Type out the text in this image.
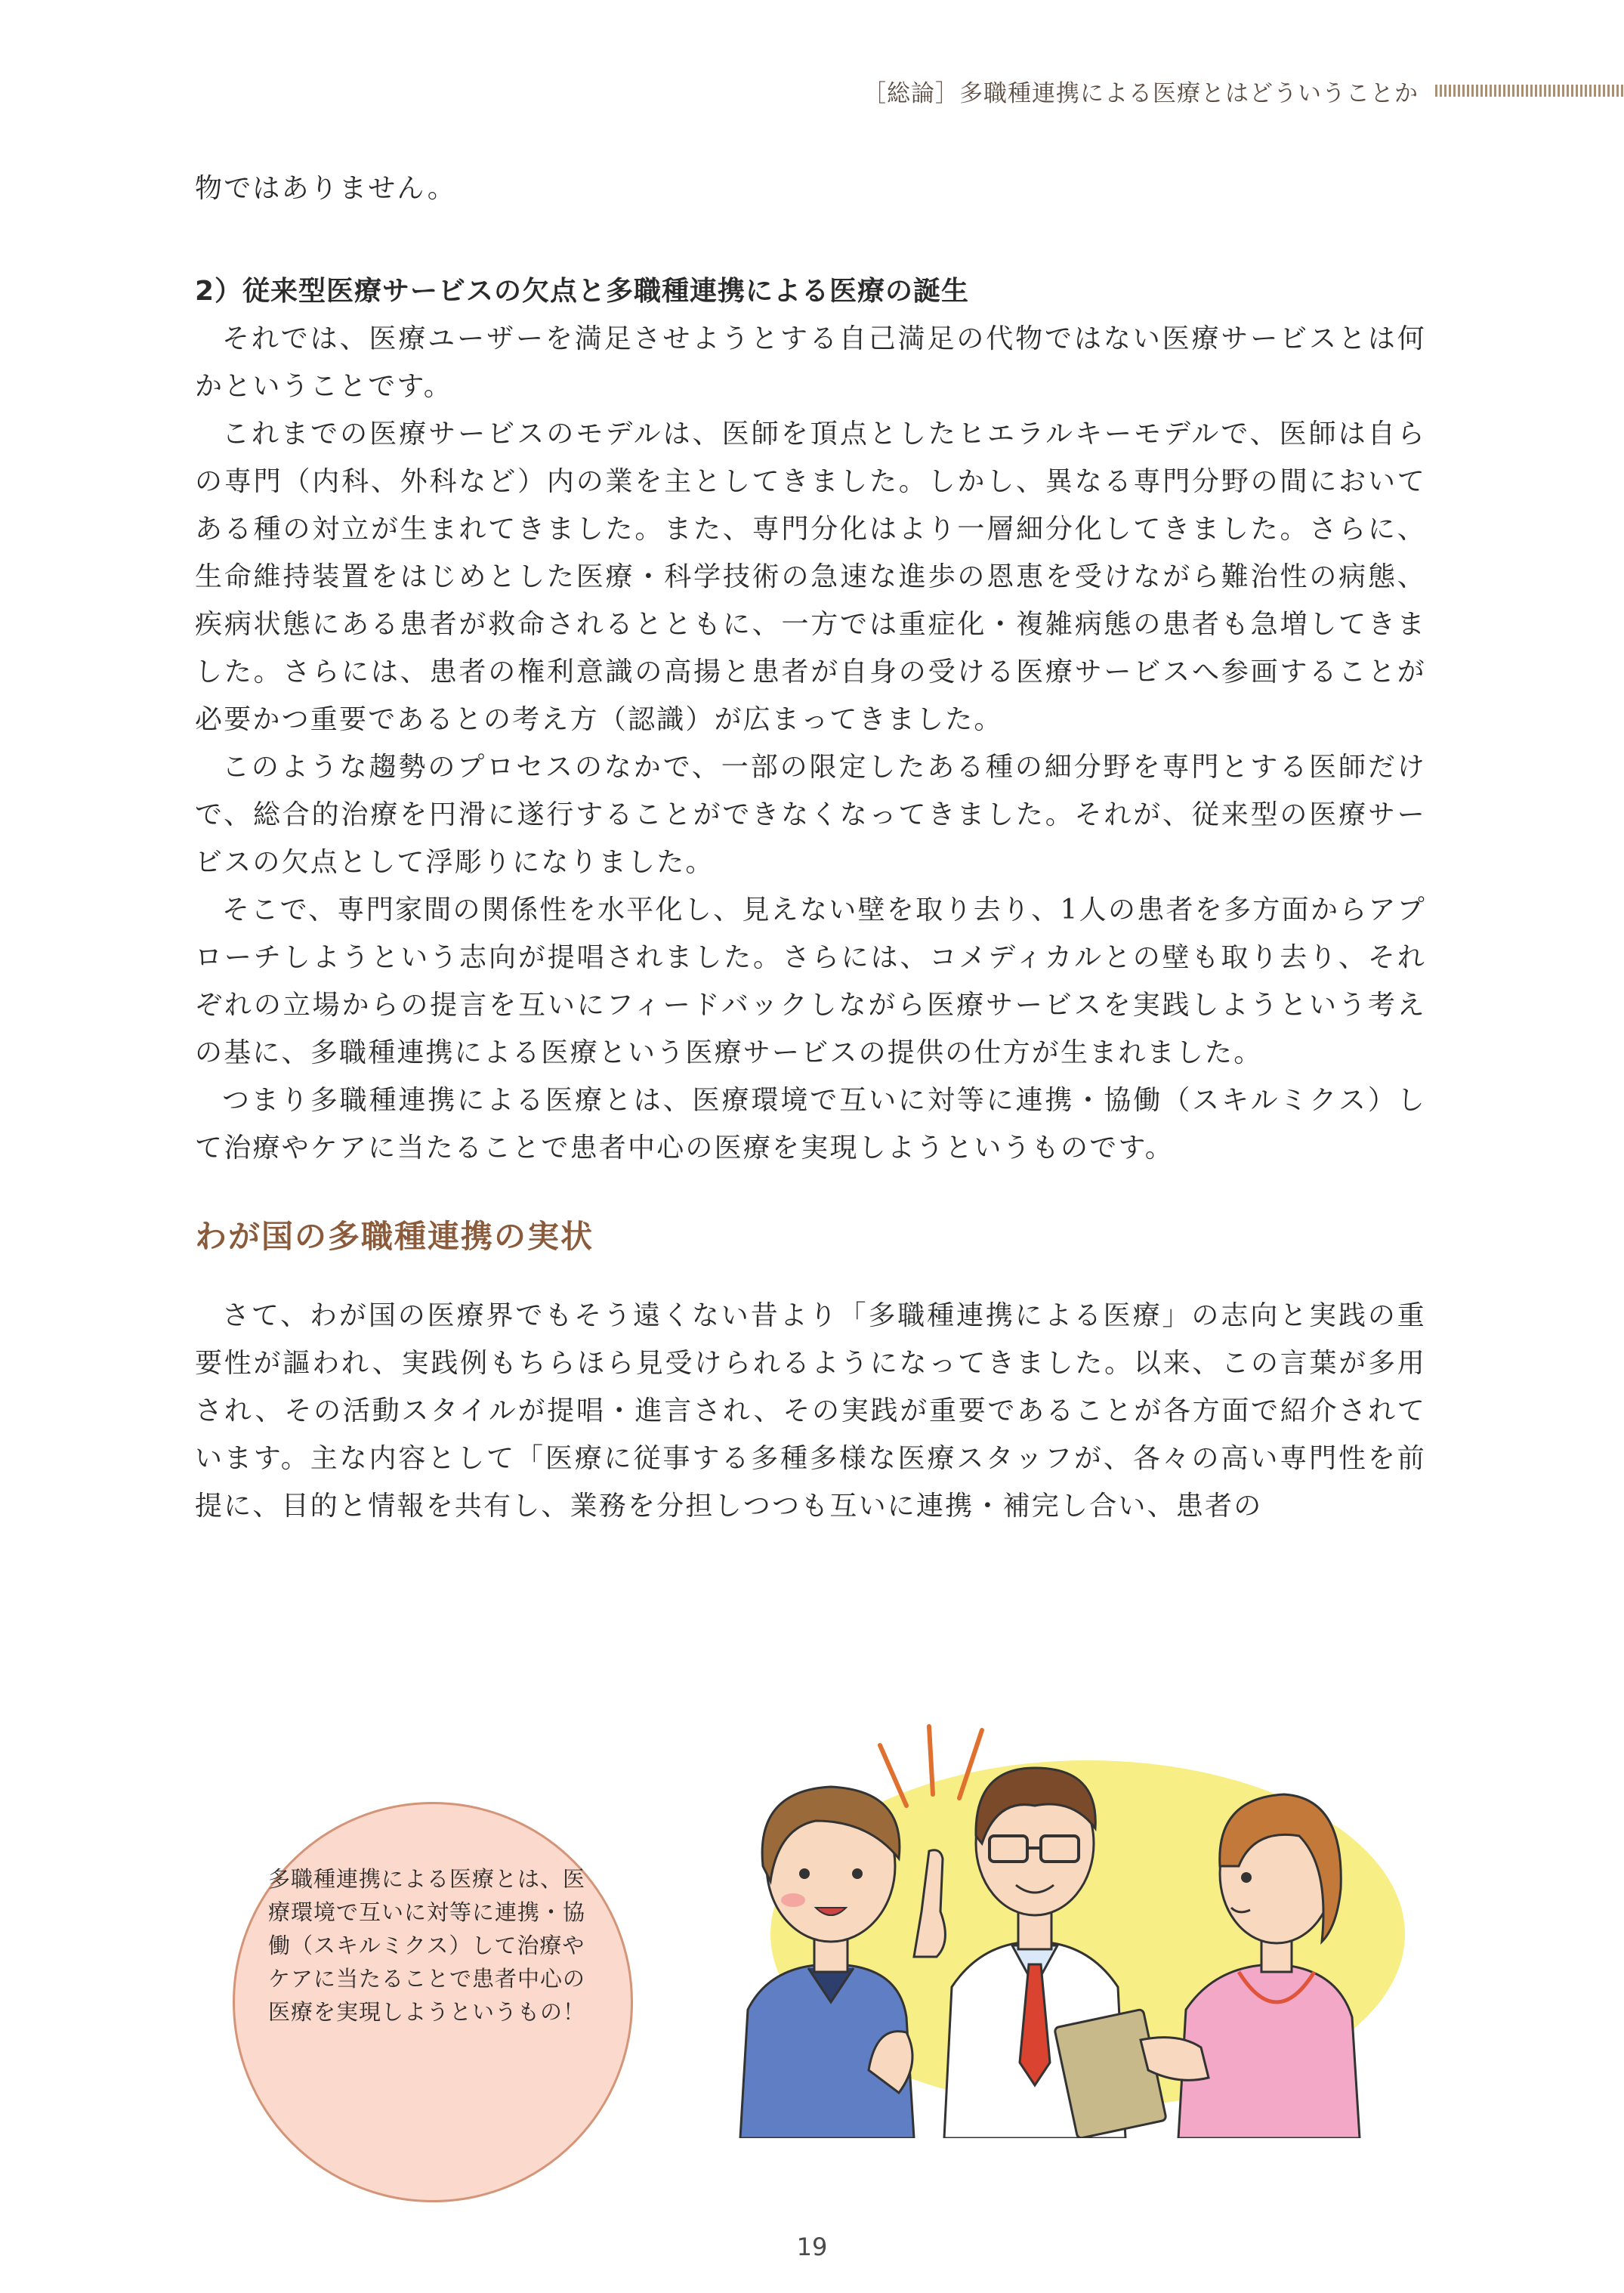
［総論］多職種連携による医療とはどういうことか

物ではありません。

2）従来型医療サービスの欠点と多職種連携による医療の誕生

それでは、医療ユーザーを満足させようとする自己満足の代物ではない医療サービスとは何かということです。

これまでの医療サービスのモデルは、医師を頂点としたヒエラルキーモデルで、医師は自らの専門（内科、外科など）内の業を主としてきました。しかし、異なる専門分野の間においてある種の対立が生まれてきました。また、専門分化はより一層細分化してきました。さらに、生命維持装置をはじめとした医療・科学技術の急速な進歩の恩恵を受けながら難治性の病態、疾病状態にある患者が救命されるとともに、一方では重症化・複雑病態の患者も急増してきました。さらには、患者の権利意識の高揚と患者が自身の受ける医療サービスへ参画することが必要かつ重要であるとの考え方（認識）が広まってきました。

このような趨勢のプロセスのなかで、一部の限定したある種の細分野を専門とする医師だけで、総合的治療を円滑に遂行することができなくなってきました。それが、従来型の医療サービスの欠点として浮彫りになりました。

そこで、専門家間の関係性を水平化し、見えない壁を取り去り、1人の患者を多方面からアプローチしようという志向が提唱されました。さらには、コメディカルとの壁も取り去り、それぞれの立場からの提言を互いにフィードバックしながら医療サービスを実践しようという考えの基に、多職種連携による医療という医療サービスの提供の仕方が生まれました。

つまり多職種連携による医療とは、医療環境で互いに対等に連携・協働（スキルミクス）して治療やケアに当たることで患者中心の医療を実現しようというものです。

わが国の多職種連携の実状

さて、わが国の医療界でもそう遠くない昔より「多職種連携による医療」の志向と実践の重要性が謳われ、実践例もちらほら見受けられるようになってきました。以来、この言葉が多用され、その活動スタイルが提唱・進言され、その実践が重要であることが各方面で紹介されています。主な内容として「医療に従事する多種多様な医療スタッフが、各々の高い専門性を前提に、目的と情報を共有し、業務を分担しつつも互いに連携・補完し合い、患者の

多職種連携による医療とは、医療環境で互いに対等に連携・協働（スキルミクス）して治療やケアに当たることで患者中心の医療を実現しようというもの！
19
